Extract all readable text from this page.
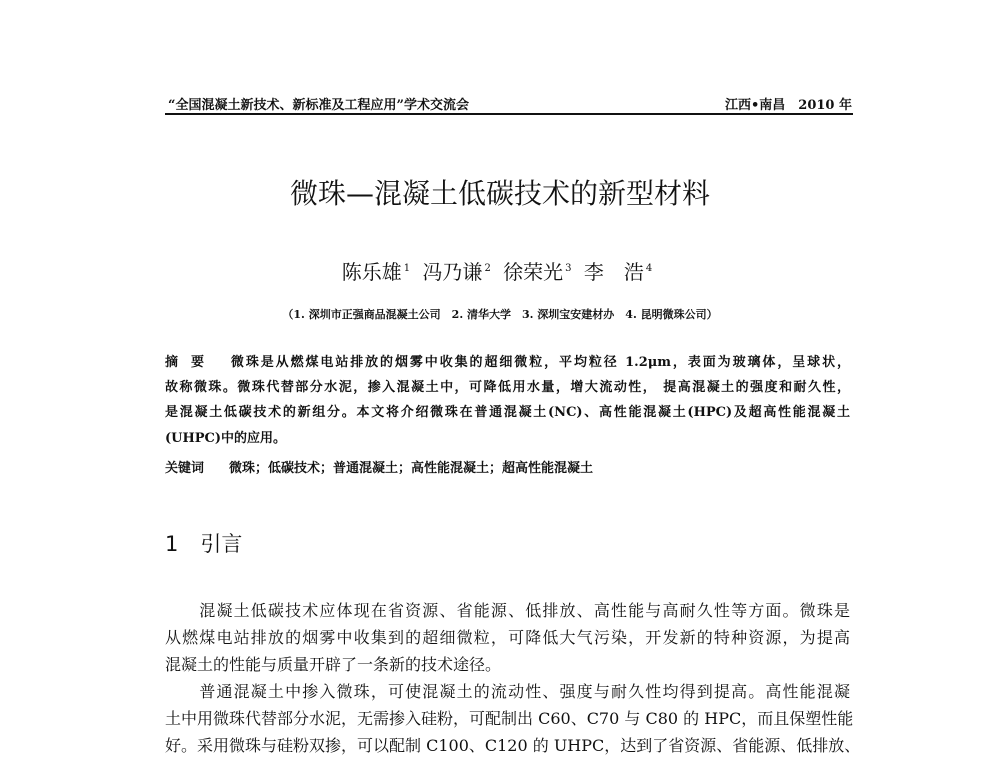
“全国混凝土新技术、新标准及工程应用”学术交流会	江西•南昌　2010 年
微珠—混凝土低碳技术的新型材料
陈乐雄 $^1$ 冯乃谦 $^2$ 徐荣光 $^3$ 李　浩 $^4$
（1. 深圳市正强商品混凝土公司　2. 清华大学　3. 深圳宝安建材办　4. 昆明微珠公司）
摘　要 微珠是从燃煤电站排放的烟雾中收集的超细微粒，平均粒径 1.2μm，表面为玻璃体，呈球状，
故称微珠。微珠代替部分水泥，掺入混凝土中，可降低用水量，增大流动性， 提高混凝土的强度和耐久性，
是混凝土低碳技术的新组分。本文将介绍微珠在普通混凝土(NC)、高性能混凝土(HPC)及超高性能混凝土
(UHPC)中的应用。
关键词 微珠；低碳技术；普通混凝土；高性能混凝土；超高性能混凝土
1 引言
　　混凝土低碳技术应体现在省资源、省能源、低排放、高性能与高耐久性等方面。微珠是
从燃煤电站排放的烟雾中收集到的超细微粒，可降低大气污染，开发新的特种资源，为提高
混凝土的性能与质量开辟了一条新的技术途径。
　　普通混凝土中掺入微珠，可使混凝土的流动性、强度与耐久性均得到提高。高性能混凝
土中用微珠代替部分水泥，无需掺入硅粉，可配制出 C60、C70 与 C80 的 HPC，而且保塑性能
好。采用微珠与硅粉双掺，可以配制 C100、C120 的 UHPC，达到了省资源、省能源、低排放、
